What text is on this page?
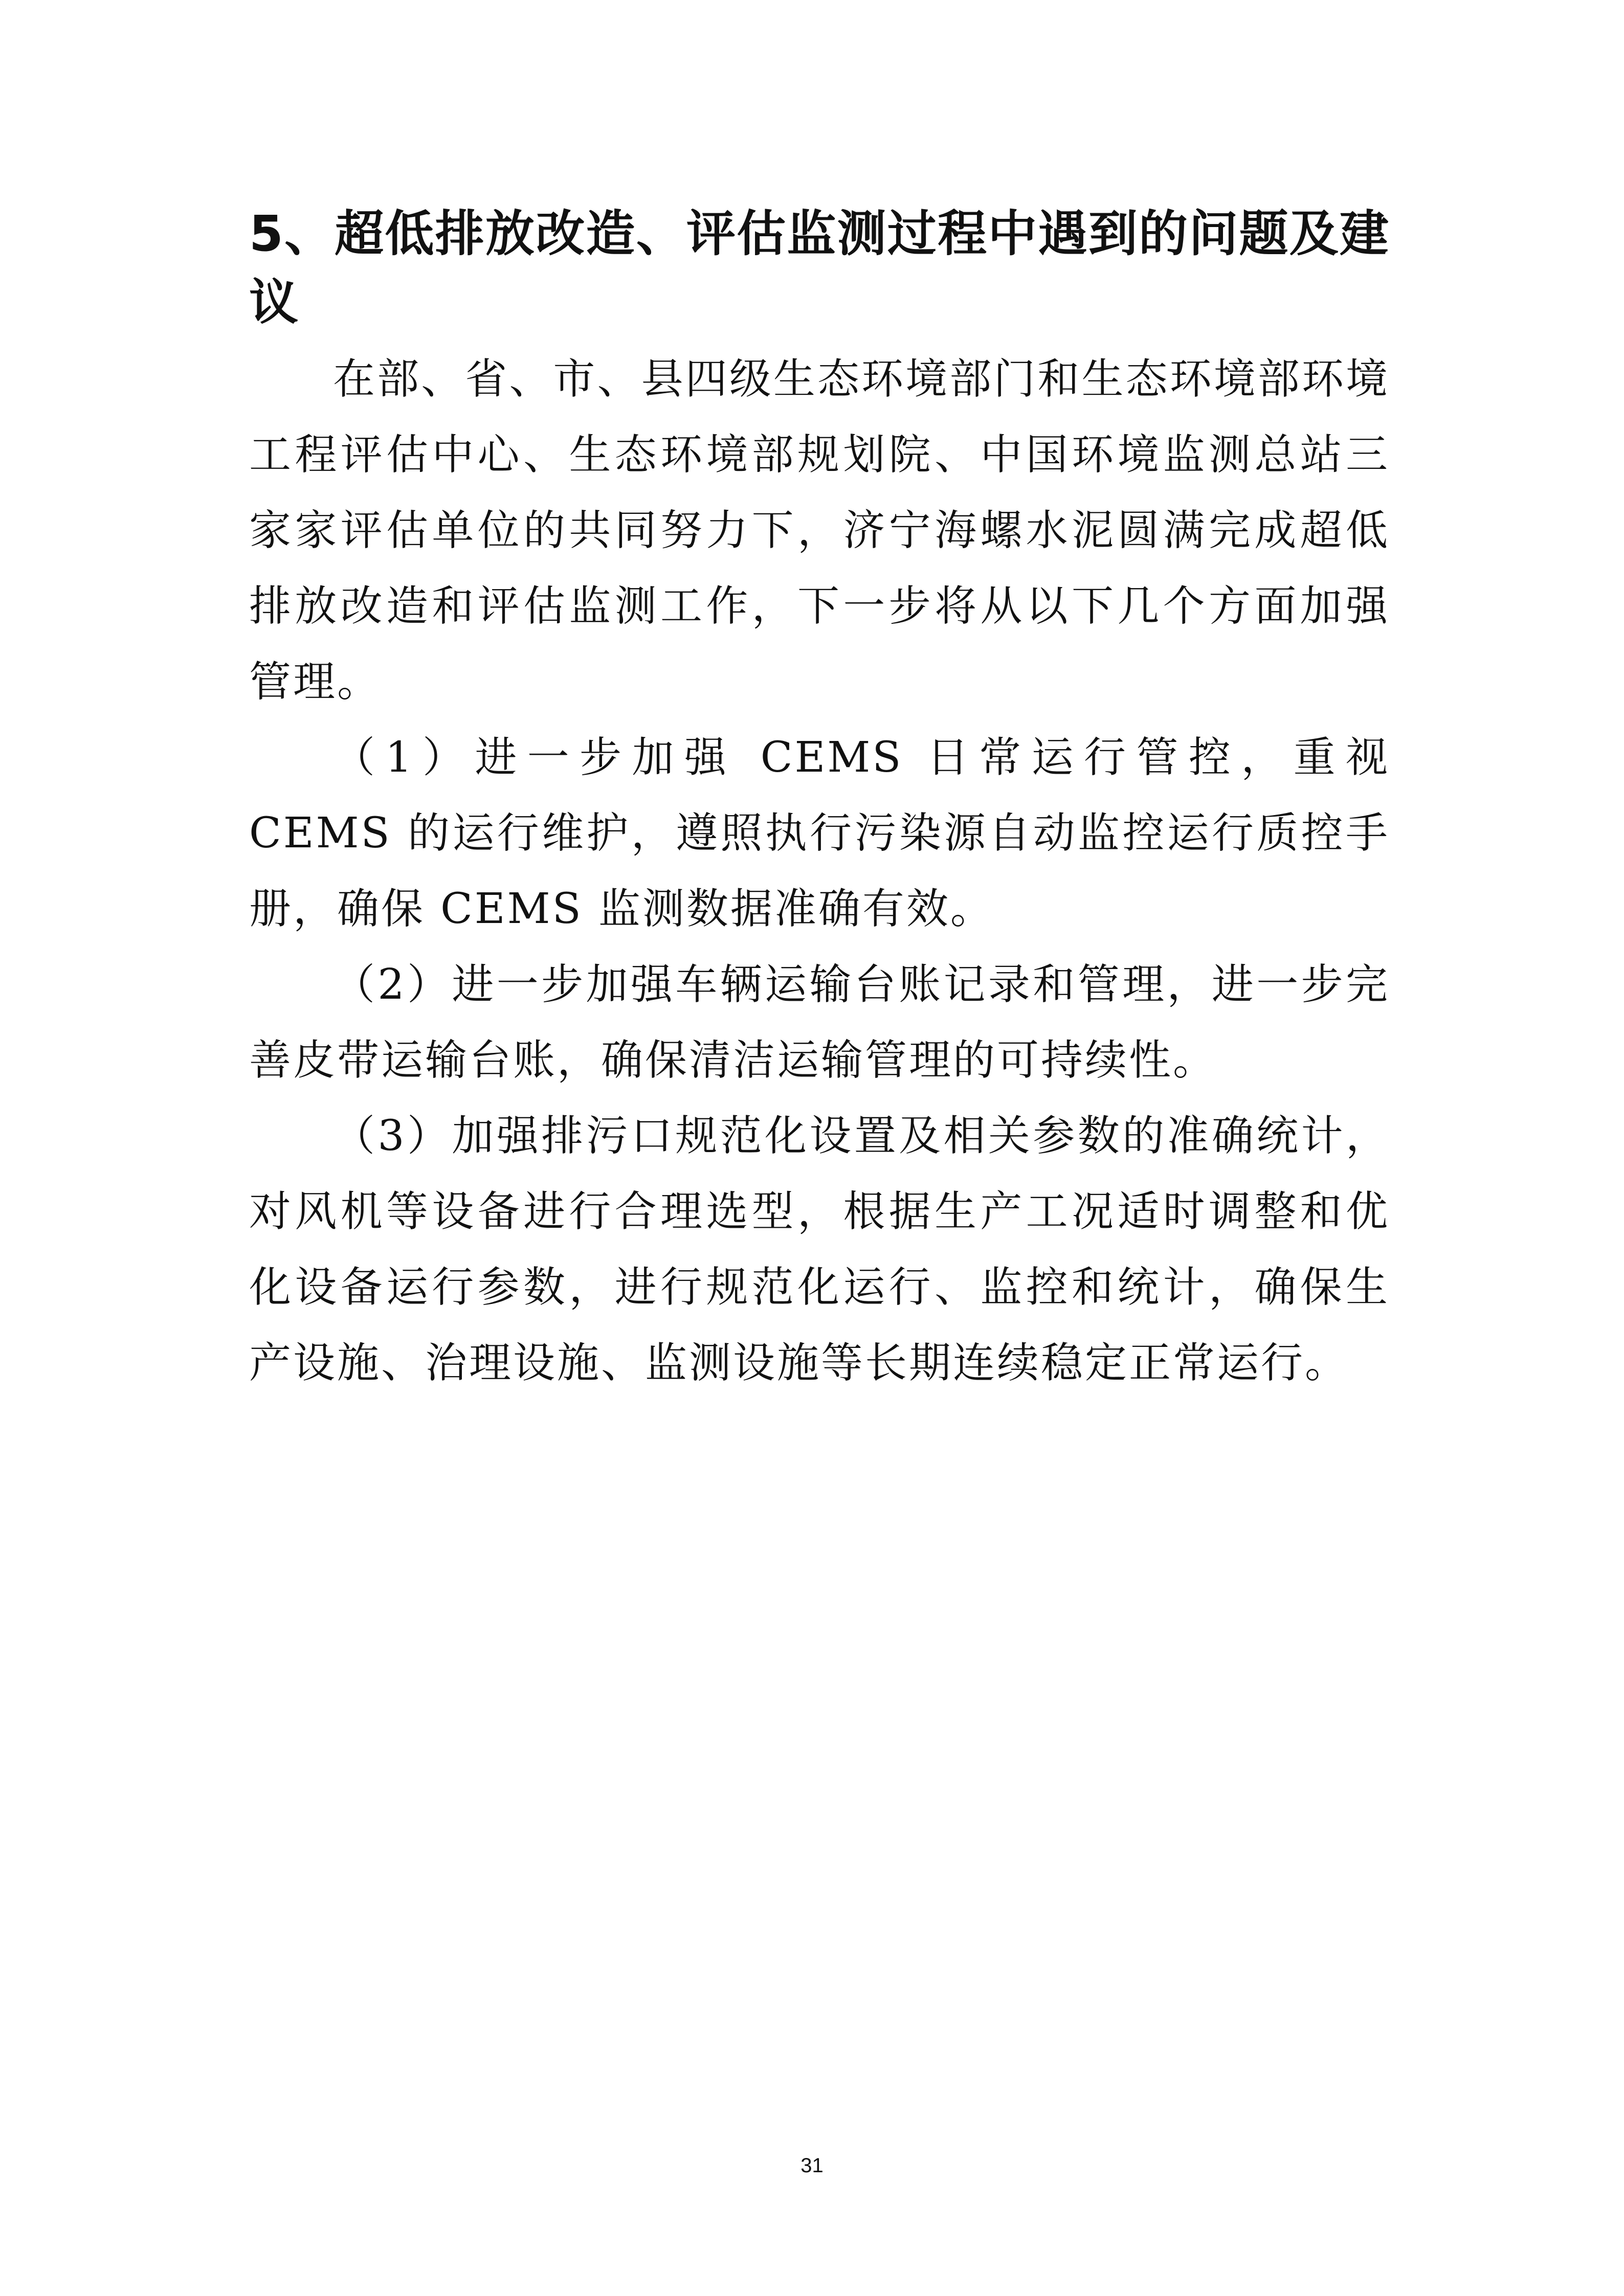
5、超低排放改造、评估监测过程中遇到的问题及建议

在部、省、市、县四级生态环境部门和生态环境部环境工程评估中心、生态环境部规划院、中国环境监测总站三家家评估单位的共同努力下，济宁海螺水泥圆满完成超低排放改造和评估监测工作，下一步将从以下几个方面加强管理。

（1）进一步加强 CEMS 日常运行管控，重视 CEMS 的运行维护，遵照执行污染源自动监控运行质控手册，确保 CEMS 监测数据准确有效。

（2）进一步加强车辆运输台账记录和管理，进一步完善皮带运输台账，确保清洁运输管理的可持续性。

（3）加强排污口规范化设置及相关参数的准确统计，对风机等设备进行合理选型，根据生产工况适时调整和优化设备运行参数，进行规范化运行、监控和统计，确保生产设施、治理设施、监测设施等长期连续稳定正常运行。

31
